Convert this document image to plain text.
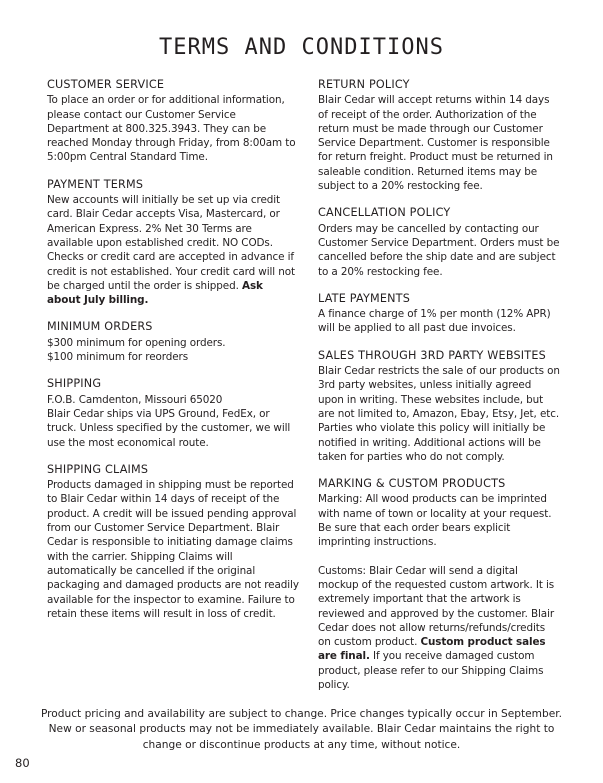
TERMS AND CONDITIONS
CUSTOMER SERVICE

To place an order or for additional information, please contact our Customer Service Department at 800.325.3943. They can be reached Monday through Friday, from 8:00am to 5:00pm Central Standard Time.

PAYMENT TERMS

New accounts will initially be set up via credit card. Blair Cedar accepts Visa, Mastercard, or American Express. 2% Net 30 Terms are available upon established credit. NO CODs. Checks or credit card are accepted in advance if credit is not established. Your credit card will not be charged until the order is shipped. Ask about July billing.

MINIMUM ORDERS

$300 minimum for opening orders.

$100 minimum for reorders

SHIPPING

F.O.B. Camdenton, Missouri 65020

Blair Cedar ships via UPS Ground, FedEx, or truck. Unless specified by the customer, we will use the most economical route.

SHIPPING CLAIMS

Products damaged in shipping must be reported to Blair Cedar within 14 days of receipt of the product. A credit will be issued pending approval from our Customer Service Department. Blair Cedar is responsible to initiating damage claims with the carrier. Shipping Claims will automatically be cancelled if the original packaging and damaged products are not readily available for the inspector to examine. Failure to retain these items will result in loss of credit.

RETURN POLICY

Blair Cedar will accept returns within 14 days of receipt of the order. Authorization of the return must be made through our Customer Service Department. Customer is responsible for return freight. Product must be returned in saleable condition. Returned items may be subject to a 20% restocking fee.

CANCELLATION POLICY

Orders may be cancelled by contacting our Customer Service Department. Orders must be cancelled before the ship date and are subject to a 20% restocking fee.

LATE PAYMENTS

A finance charge of 1% per month (12% APR) will be applied to all past due invoices.

SALES THROUGH 3RD PARTY WEBSITES

Blair Cedar restricts the sale of our products on 3rd party websites, unless initially agreed upon in writing. These websites include, but are not limited to, Amazon, Ebay, Etsy, Jet, etc. Parties who violate this policy will initially be notified in writing. Additional actions will be taken for parties who do not comply.

MARKING & CUSTOM PRODUCTS

Marking: All wood products can be imprinted with name of town or locality at your request. Be sure that each order bears explicit imprinting instructions.

Customs: Blair Cedar will send a digital mockup of the requested custom artwork. It is extremely important that the artwork is reviewed and approved by the customer. Blair Cedar does not allow returns/refunds/credits on custom product. Custom product sales are final. If you receive damaged custom product, please refer to our Shipping Claims policy.

Product pricing and availability are subject to change. Price changes typically occur in September. New or seasonal products may not be immediately available. Blair Cedar maintains the right to change or discontinue products at any time, without notice.
80
